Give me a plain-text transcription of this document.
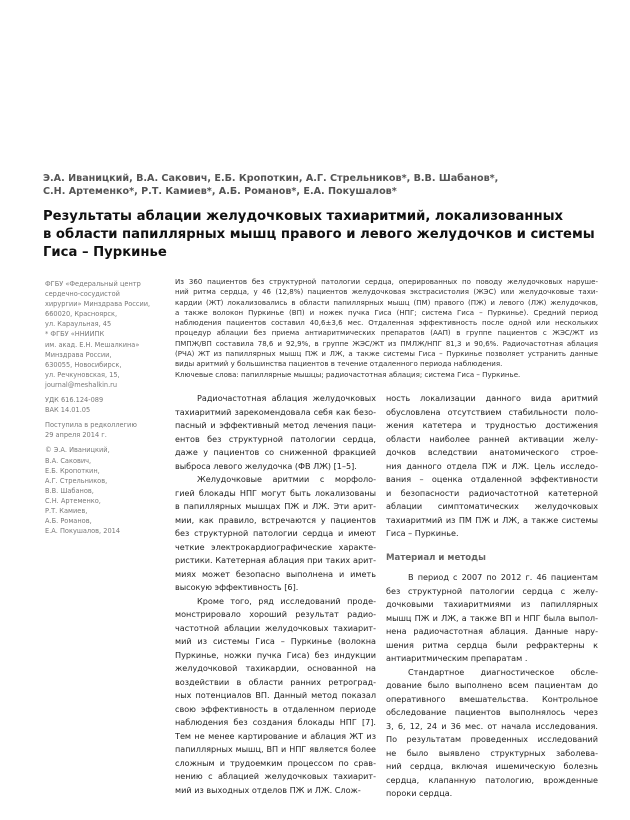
Э.А. Иваницкий, В.А. Сакович, Е.Б. Кропоткин, А.Г. Стрельников*, В.В. Шабанов*,
С.Н. Артеменко*, Р.Т. Камиев*, А.Б. Романов*, Е.А. Покушалов*
Результаты аблации желудочковых тахиаритмий, локализованных
в области папиллярных мышц правого и левого желудочков и системы
Гиса – Пуркинье
ФГБУ «Федеральный центр
сердечно-сосудистой
хирургии» Минздрава России,
660020, Красноярск,
ул. Караульная, 45
* ФГБУ «ННИИПК
им. акад. Е.Н. Мешалкина»
Минздрава России,
630055, Новосибирск,
ул. Речкуновская, 15,
journal@meshalkin.ru
УДК 616.124-089
ВАК 14.01.05
Поступила в редколлегию
29 апреля 2014 г.
© Э.А. Иваницкий,
В.А. Сакович,
Е.Б. Кропоткин,
А.Г. Стрельников,
В.В. Шабанов,
С.Н. Артеменко,
Р.Т. Камиев,
А.Б. Романов,
Е.А. Покушалов, 2014
Из 360 пациентов без структурной патологии сердца, оперированных по поводу желудочковых наруше-
ний ритма сердца, у 46 (12,8%) пациентов желудочковая экстрасистолия (ЖЭС) или желудочковые тахи-
кардии (ЖТ) локализовались в области папиллярных мышц (ПМ) правого (ПЖ) и левого (ЛЖ) желудочков,
а также волокон Пуркинье (ВП) и ножек пучка Гиса (НПГ; система Гиса – Пуркинье). Средний период
наблюдения пациентов составил 40,6±3,6 мес. Отдаленная эффективность после одной или нескольких
процедур аблации без приема антиаритмических препаратов (ААП) в группе пациентов с ЖЭС/ЖТ из
ПМПЖ/ВП составила 78,6 и 92,9%, в группе ЖЭС/ЖТ из ПМЛЖ/НПГ 81,3 и 90,6%. Радиочастотная аблация
(РЧА) ЖТ из папиллярных мышц ПЖ и ЛЖ, а также системы Гиса – Пуркинье позволяет устранить данные
виды аритмий у большинства пациентов в течение отдаленного периода наблюдения.
Ключевые слова: папиллярные мышцы; радиочастотная аблация; система Гиса – Пуркинье.
Радиочастотная аблация желудочковых
тахиаритмий зарекомендовала себя как безо-
пасный и эффективный метод лечения паци-
ентов без структурной патологии сердца,
даже у пациентов со сниженной фракцией
выброса левого желудочка (ФВ ЛЖ) [1–5].
Желудочковые аритмии с морфоло-
гией блокады НПГ могут быть локализованы
в папиллярных мышцах ПЖ и ЛЖ. Эти арит-
мии, как правило, встречаются у пациентов
без структурной патологии сердца и имеют
четкие электрокардиографические характе-
ристики. Катетерная аблация при таких арит-
миях может безопасно выполнена и иметь
высокую эффективность [6].
Кроме того, ряд исследований проде-
монстрировало хороший результат радио-
частотной аблации желудочковых тахиарит-
мий из системы Гиса – Пуркинье (волокна
Пуркинье, ножки пучка Гиса) без индукции
желудочковой тахикардии, основанной на
воздействии в области ранних ретроград-
ных потенциалов ВП. Данный метод показал
свою эффективность в отдаленном периоде
наблюдения без создания блокады НПГ [7].
Тем не менее картирование и аблация ЖТ из
папиллярных мышц, ВП и НПГ является более
сложным и трудоемким процессом по срав-
нению с аблацией желудочковых тахиарит-
мий из выходных отделов ПЖ и ЛЖ. Слож-
ность локализации данного вида аритмий
обусловлена отсутствием стабильности поло-
жения катетера и трудностью достижения
области наиболее ранней активации желу-
дочков вследствии анатомического строе-
ния данного отдела ПЖ и ЛЖ. Цель исследо-
вания – оценка отдаленной эффективности
и безопасности радиочастотной катетерной
аблации симптоматических желудочковых
тахиаритмий из ПМ ПЖ и ЛЖ, а также системы
Гиса – Пуркинье.
Материал и методы
В период с 2007 по 2012 г. 46 пациентам
без структурной патологии сердца с желу-
дочковыми тахиаритмиями из папиллярных
мышц ПЖ и ЛЖ, а также ВП и НПГ была выпол-
нена радиочастотная аблация. Данные нару-
шения ритма сердца были рефрактерны к
антиаритмическим препаратам .
Стандартное диагностическое обсле-
дование было выполнено всем пациентам до
оперативного вмешательства. Контрольное
обследование пациентов выполнялось через
3, 6, 12, 24 и 36 мес. от начала исследования.
По результатам проведенных исследований
не было выявлено структурных заболева-
ний сердца, включая ишемическую болезнь
сердца, клапанную патологию, врожденные
пороки сердца.
